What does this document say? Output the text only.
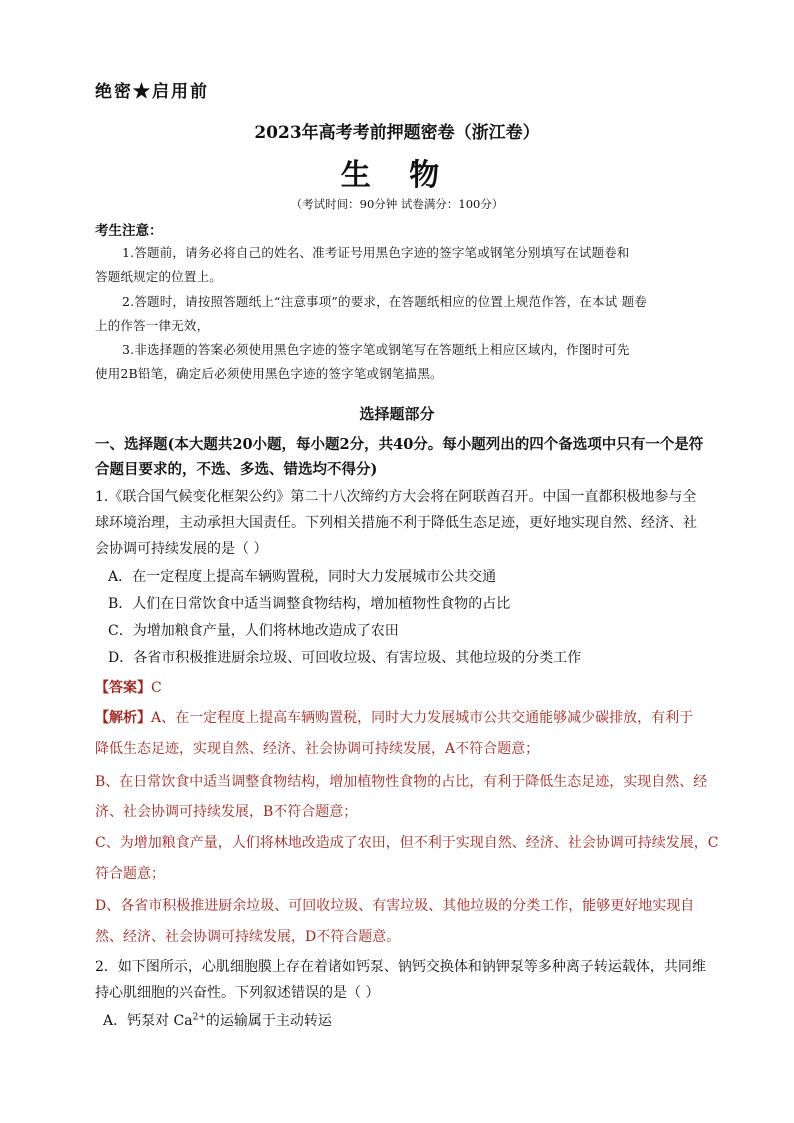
绝密★启用前
2023年高考考前押题密卷（浙江卷）
生 物
（考试时间：90分钟 试卷满分：100分）
考生注意：
1.答题前，请务必将自己的姓名、准考证号用黑色字迹的签字笔或钢笔分别填写在试题卷和
答题纸规定的位置上。
2.答题时，请按照答题纸上“注意事项”的要求，在答题纸相应的位置上规范作答，在本试 题卷
上的作答一律无效，
3.非选择题的答案必须使用黑色字迹的签字笔或钢笔写在答题纸上相应区域内，作图时可先
使用2B铅笔，确定后必须使用黑色字迹的签字笔或钢笔描黑。
选择题部分
一、选择题(本大题共20小题，每小题2分，共40分。每小题列出的四个备选项中只有一个是符
合题目要求的，不选、多选、错选均不得分)
1.《联合国气候变化框架公约》第二十八次缔约方大会将在阿联酋召开。中国一直都积极地参与全
球环境治理，主动承担大国责任。下列相关措施不利于降低生态足迹，更好地实现自然、经济、社
会协调可持续发展的是（ ）
A．在一定程度上提高车辆购置税，同时大力发展城市公共交通
B．人们在日常饮食中适当调整食物结构，增加植物性食物的占比
C．为增加粮食产量，人们将林地改造成了农田
D．各省市积极推进厨余垃圾、可回收垃圾、有害垃圾、其他垃圾的分类工作
【答案】C
【解析】A、在一定程度上提高车辆购置税，同时大力发展城市公共交通能够减少碳排放，有利于
降低生态足迹，实现自然、经济、社会协调可持续发展，A不符合题意；
B、在日常饮食中适当调整食物结构，增加植物性食物的占比，有利于降低生态足迹，实现自然、经
济、社会协调可持续发展，B不符合题意；
C、为增加粮食产量，人们将林地改造成了农田，但不利于实现自然、经济、社会协调可持续发展，C
符合题意；
D、各省市积极推进厨余垃圾、可回收垃圾、有害垃圾、其他垃圾的分类工作，能够更好地实现自
然、经济、社会协调可持续发展，D不符合题意。
2．如下图所示，心肌细胞膜上存在着诸如钙泵、钠钙交换体和钠钾泵等多种离子转运载体，共同维
持心肌细胞的兴奋性。下列叙述错误的是（ ）
A．钙泵对 $Ca^{2+}$的运输属于主动转运
